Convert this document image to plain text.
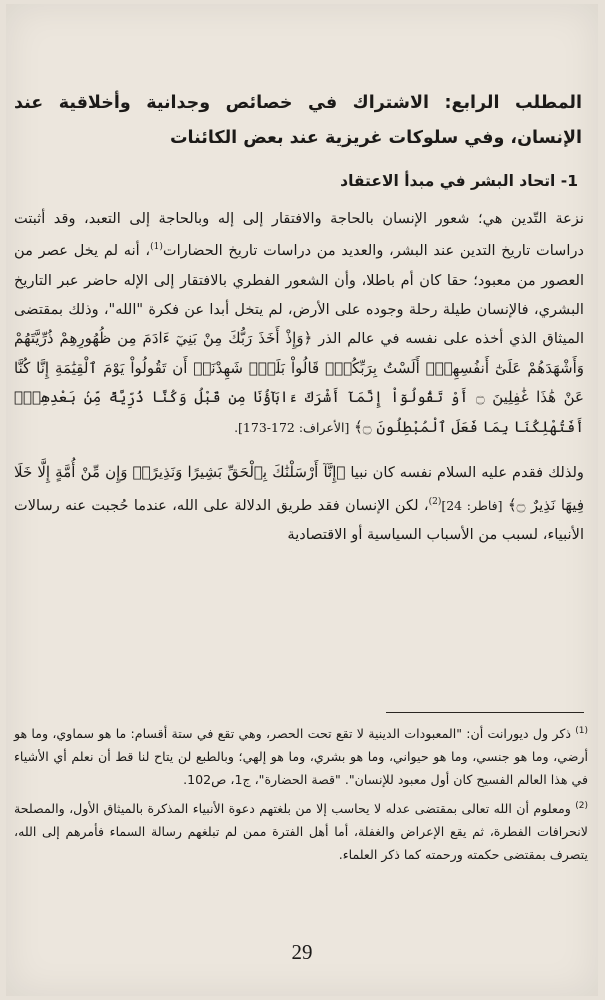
المطلب الرابع: الاشتراك في خصائص وجدانية وأخلاقية عند الإنسان، وفي سلوكات غريزية عند بعض الكائنات
1- اتحاد البشر في مبدأ الاعتقاد

نزعة التّدين هي؛ شعور الإنسان بالحاجة والافتقار إلى إله وبالحاجة إلى التعبد، وقد أثبتت دراسات تاريخ التدين عند البشر، والعديد من دراسات تاريخ الحضارات$^{(1)}$، أنه لم يخل عصر من العصور من معبود؛ حقا كان أم باطلا، وأن الشعور الفطري بالافتقار إلى الإله حاضر عبر التاريخ البشري، فالإنسان طيلة رحلة وجوده على الأرض، لم يتخل أبدا عن فكرة "الله"، وذلك بمقتضى الميثاق الذي أخذه على نفسه في عالم الذر ﴿وَإِذْ أَخَذَ رَبُّكَ مِنْ بَنِيٓ ءَادَمَ مِن ظُهُورِهِمْ ذُرِّيَّتَهُمْ وَأَشْهَدَهُمْ عَلَىٰٓ أَنفُسِهِمْۚ أَلَسْتُ بِرَبِّكُمْۖ قَالُواْ بَلَىٰۚ شَهِدْنَآۚ أَن تَقُولُواْ يَوْمَ ٱلْقِيَٰمَةِ إِنَّا كُنَّا عَنْ هَٰذَا غَٰفِلِينَ ۝ أَوْ تَقُولُوٓاْ إِنَّمَآ أَشْرَكَ ءَابَآؤُنَا مِن قَبْلُ وَكُنَّا ذُرِّيَّةً مِّنۢ بَعْدِهِمْۖ أَفَتُهْلِكُنَا بِمَا فَعَلَ ٱلْمُبْطِلُونَ ۝﴾ [الأعراف: 172-173].

ولذلك فقدم عليه السلام نفسه كان نبيا ﴿إِنَّآ أَرْسَلْنَٰكَ بِٱلْحَقِّ بَشِيرًا وَنَذِيرًاۚ وَإِن مِّنْ أُمَّةٍ إِلَّا خَلَا فِيهَا نَذِيرٌ ۝﴾ [فاطر: 24]$^{(2)}$، لكن الإنسان فقد طريق الدلالة على الله، عندما حُجبت عنه رسالات الأنبياء، لسبب من الأسباب السياسية أو الاقتصادية

$^{(1)}$ ذكر ول ديورانت أن: "المعبودات الدينية لا تقع تحت الحصر، وهي تقع في ستة أقسام: ما هو سماوي، وما هو أرضي، وما هو جنسي، وما هو حيواني، وما هو بشري، وما هو إلهي؛ وبالطبع لن يتاح لنا قط أن نعلم أي الأشياء في هذا العالم الفسيح كان أول معبود للإنسان". "قصة الحضارة"، ج1، ص102.

$^{(2)}$ ومعلوم أن الله تعالى بمقتضى عدله لا يحاسب إلا من بلغتهم دعوة الأنبياء المذكرة بالميثاق الأول، والمصلحة لانحرافات الفطرة، ثم يقع الإعراض والغفلة، أما أهل الفترة ممن لم تبلغهم رسالة السماء فأمرهم إلى الله، يتصرف بمقتضى حكمته ورحمته كما ذكر العلماء.

29
